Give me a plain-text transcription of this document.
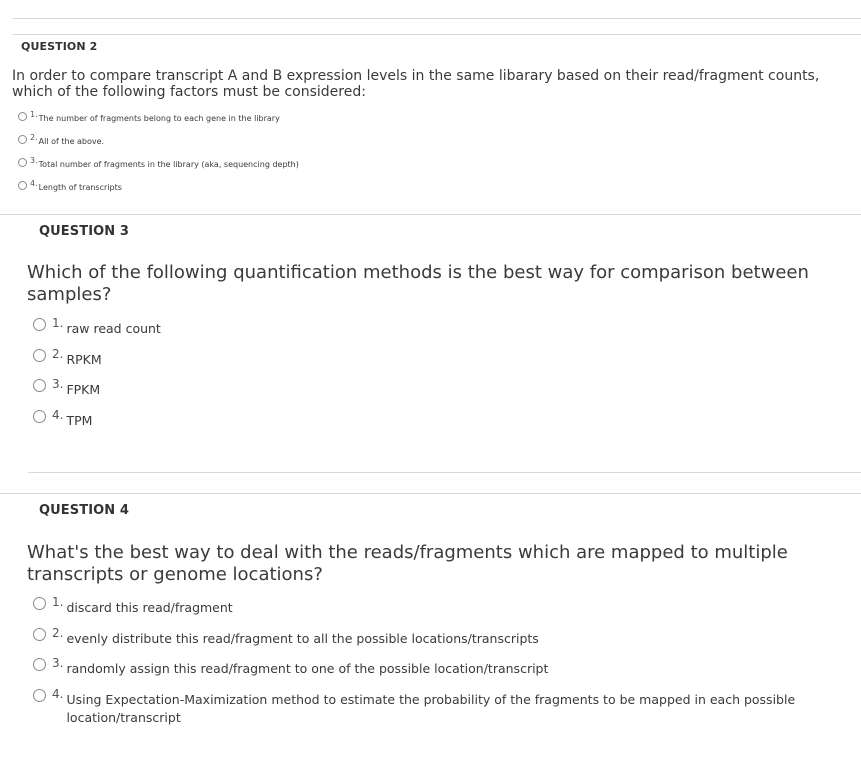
QUESTION 2
In order to compare transcript A and B expression levels in the same libarary based on their read/fragment counts, which of the following factors must be considered:
1. The number of fragments belong to each gene in the library
2. All of the above.
3. Total number of fragments in the library (aka, sequencing depth)
4. Length of transcripts
QUESTION 3
Which of the following quantification methods is the best way for comparison between samples?
1. raw read count
2. RPKM
3. FPKM
4. TPM
QUESTION 4
What's the best way to deal with the reads/fragments which are mapped to multiple transcripts or genome locations?
1. discard this read/fragment
2. evenly distribute this read/fragment to all the possible locations/transcripts
3. randomly assign this read/fragment to one of the possible location/transcript
4. Using Expectation-Maximization method to estimate the probability of the fragments to be mapped in each possible location/transcript
